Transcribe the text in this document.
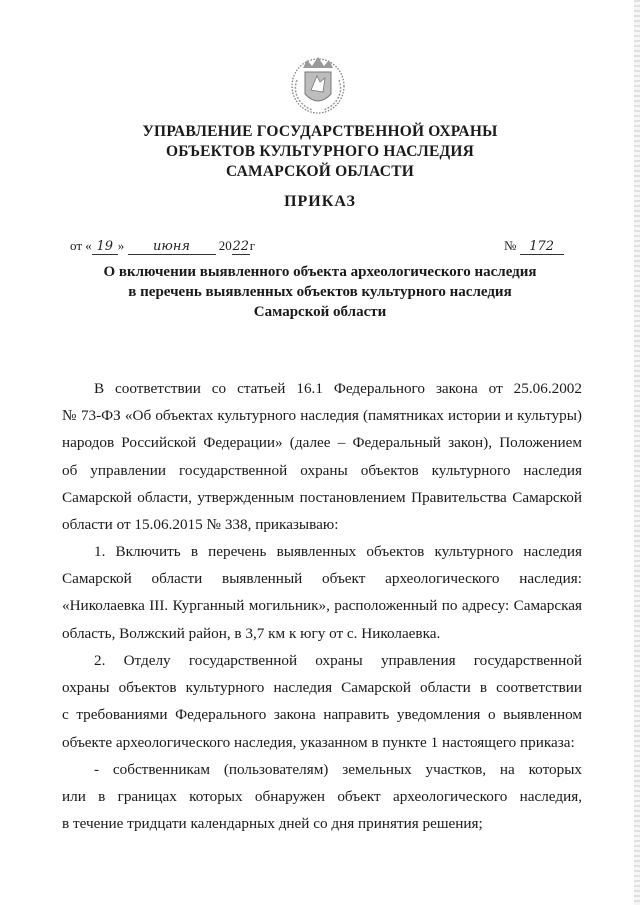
УПРАВЛЕНИЕ ГОСУДАРСТВЕННОЙ ОХРАНЫ
ОБЪЕКТОВ КУЛЬТУРНОГО НАСЛЕДИЯ
САМАРСКОЙ ОБЛАСТИ
ПРИКАЗ
от « 19 » июня 2022г	№ 172
О включении выявленного объекта археологического наследия
в перечень выявленных объектов культурного наследия
Самарской области
В соответствии со статьей 16.1 Федерального закона от 25.06.2002
№ 73-ФЗ «Об объектах культурного наследия (памятниках истории и культуры)
народов Российской Федерации» (далее – Федеральный закон), Положением
об управлении государственной охраны объектов культурного наследия
Самарской области, утвержденным постановлением Правительства Самарской
области от 15.06.2015 № 338, приказываю:
1. Включить в перечень выявленных объектов культурного наследия
Самарской области выявленный объект археологического наследия:
«Николаевка III. Курганный могильник», расположенный по адресу: Самарская
область, Волжский район, в 3,7 км к югу от с. Николаевка.
2. Отделу государственной охраны управления государственной
охраны объектов культурного наследия Самарской области в соответствии
с требованиями Федерального закона направить уведомления о выявленном
объекте археологического наследия, указанном в пункте 1 настоящего приказа:
- собственникам (пользователям) земельных участков, на которых
или в границах которых обнаружен объект археологического наследия,
в течение тридцати календарных дней со дня принятия решения;
